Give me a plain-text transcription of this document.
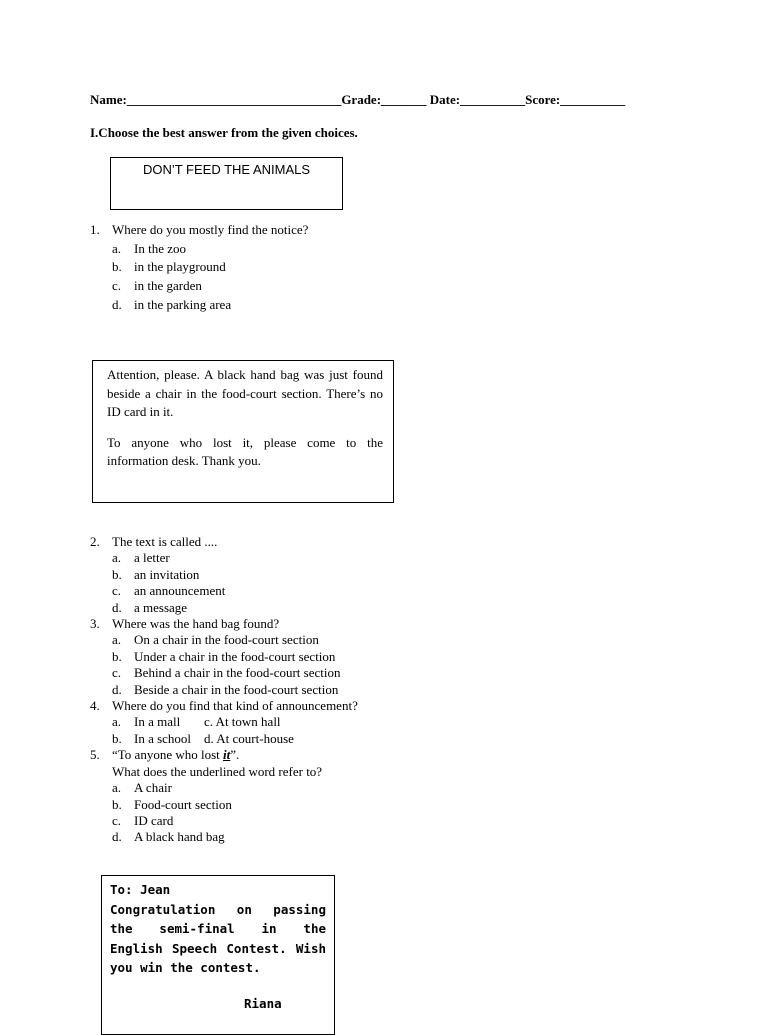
Name:_________________________________Grade:_______ Date:__________Score:__________
I.Choose the best answer from the given choices.
DON’T FEED THE ANIMALS
1. Where do you mostly find the notice?
a. In the zoo
b. in the playground
c. in the garden
d. in the parking area

Attention, please. A black hand bag was just found beside a chair in the food-court section. There’s no ID card in it.

To anyone who lost it, please come to the information desk. Thank you.

2. The text is called ....
a. a letter
b. an invitation
c. an announcement
d. a message
3. Where was the hand bag found?
a. On a chair in the food-court section
b. Under a chair in the food-court section
c. Behind a chair in the food-court section
d. Beside a chair in the food-court section
4. Where do you find that kind of announcement?
a. In a mall c. At town hall
b. In a school d. At court-house
5. “To anyone who lost it”.
What does the underlined word refer to?
a. A chair
b. Food-court section
c. ID card
d. A black hand bag
To: Jean
Congratulation on passing the semi-final in the English Speech Contest. Wish you win the contest.
Riana
